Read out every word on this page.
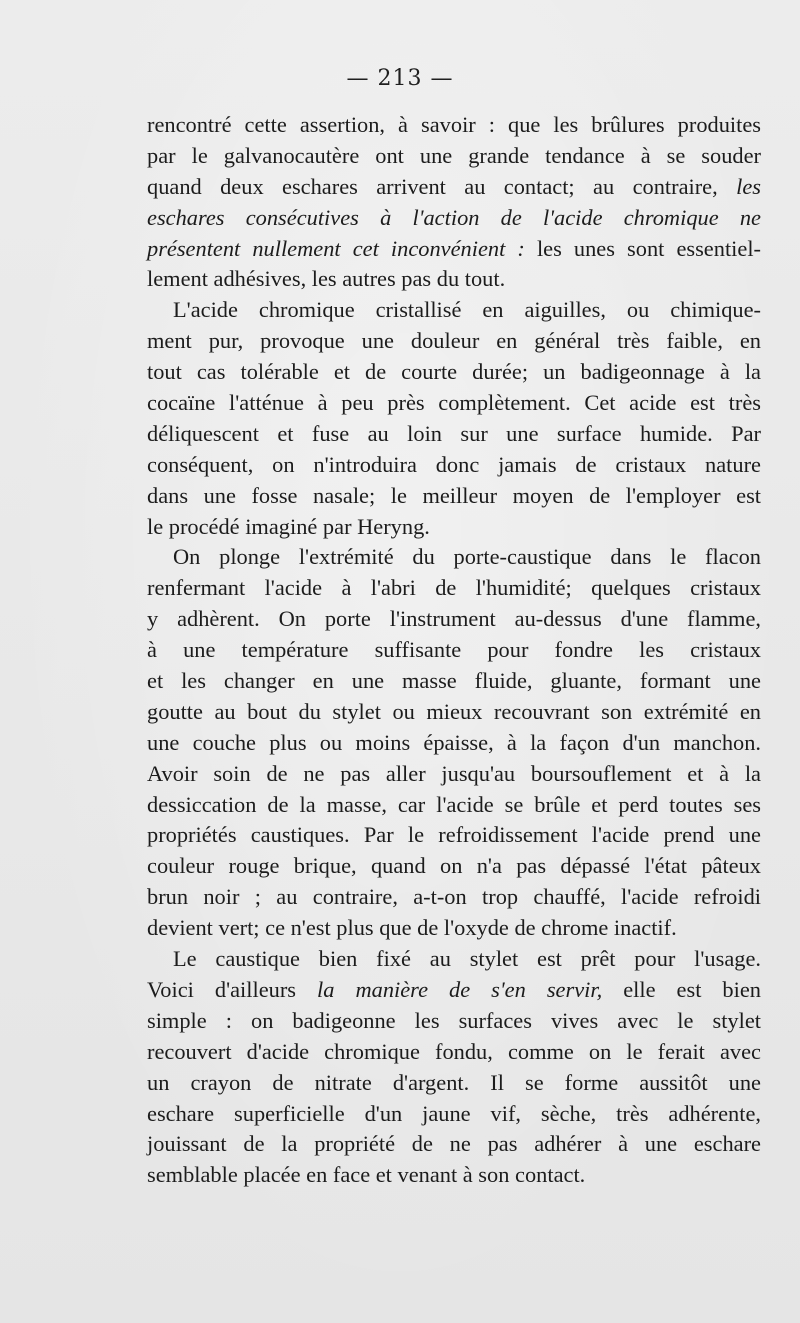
— 213 —
rencontré cette assertion, à savoir : que les brûlures produites
par le galvanocautère ont une grande tendance à se souder
quand deux eschares arrivent au contact; au contraire, les
eschares consécutives à l'action de l'acide chromique ne
présentent nullement cet inconvénient : les unes sont essentiel-
lement adhésives, les autres pas du tout.
L'acide chromique cristallisé en aiguilles, ou chimique-
ment pur, provoque une douleur en général très faible, en
tout cas tolérable et de courte durée; un badigeonnage à la
cocaïne l'atténue à peu près complètement. Cet acide est très
déliquescent et fuse au loin sur une surface humide. Par
conséquent, on n'introduira donc jamais de cristaux nature
dans une fosse nasale; le meilleur moyen de l'employer est
le procédé imaginé par Heryng.
On plonge l'extrémité du porte-caustique dans le flacon
renfermant l'acide à l'abri de l'humidité; quelques cristaux
y adhèrent. On porte l'instrument au-dessus d'une flamme,
à une température suffisante pour fondre les cristaux
et les changer en une masse fluide, gluante, formant une
goutte au bout du stylet ou mieux recouvrant son extrémité en
une couche plus ou moins épaisse, à la façon d'un manchon.
Avoir soin de ne pas aller jusqu'au boursouflement et à la
dessiccation de la masse, car l'acide se brûle et perd toutes ses
propriétés caustiques. Par le refroidissement l'acide prend une
couleur rouge brique, quand on n'a pas dépassé l'état pâteux
brun noir ; au contraire, a-t-on trop chauffé, l'acide refroidi
devient vert; ce n'est plus que de l'oxyde de chrome inactif.
Le caustique bien fixé au stylet est prêt pour l'usage.
Voici d'ailleurs la manière de s'en servir, elle est bien
simple : on badigeonne les surfaces vives avec le stylet
recouvert d'acide chromique fondu, comme on le ferait avec
un crayon de nitrate d'argent. Il se forme aussitôt une
eschare superficielle d'un jaune vif, sèche, très adhérente,
jouissant de la propriété de ne pas adhérer à une eschare
semblable placée en face et venant à son contact.
